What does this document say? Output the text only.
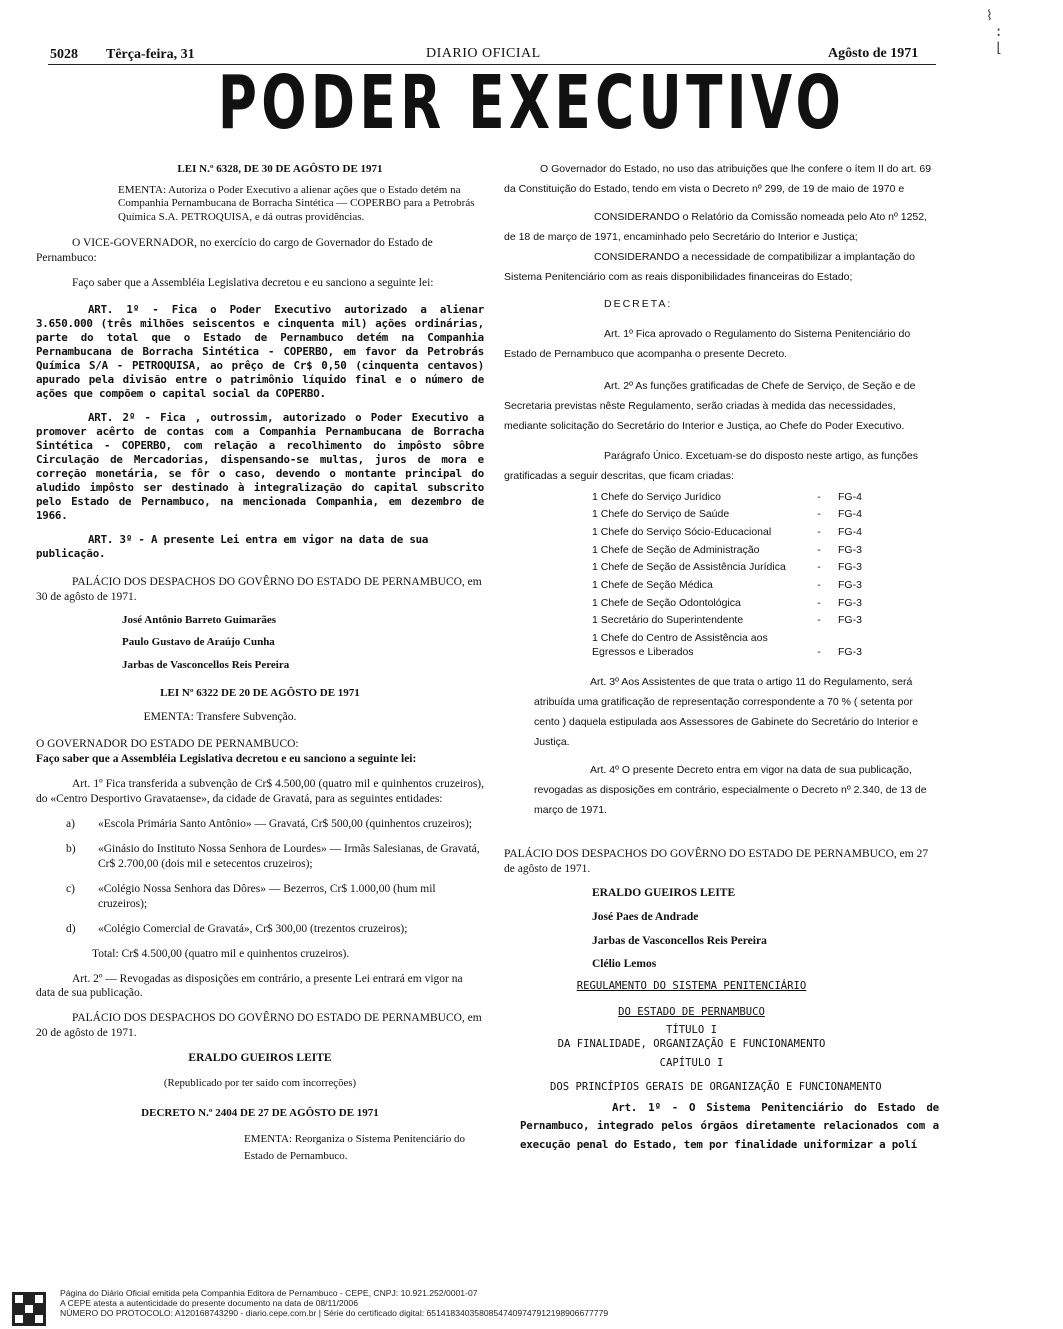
5028 Têrça-feira, 31	DIARIO OFICIAL	Agôsto de 1971
⌇
:
⌊
PODER EXECUTIVO

LEI N.º 6328, DE 30 DE AGÔSTO DE 1971

EMENTA: Autoriza o Poder Executivo a alienar ações que o Estado detém na Companhia Pernambucana de Borracha Sintética — COPERBO para a Petrobrás Química S.A. PETROQUISA, e dá outras providências.

O VICE-GOVERNADOR, no exercício do cargo de Governador do Estado de Pernambuco:

Faço saber que a Assembléia Legislativa decretou e eu sanciono a seguinte lei:

ART. 1º - Fica o Poder Executivo autorizado a alienar 3.650.000 (três milhões seiscentos e cinquenta mil) ações ordinárias, parte do total que o Estado de Pernambuco detém na Companhia Pernambucana de Borracha Sintética - COPERBO, em favor da Petrobrás Química S/A - PETROQUISA, ao prêço de Cr$ 0,50 (cinquenta centavos) apurado pela divisão entre o patrimônio líquido final e o número de ações que compõem o capital social da COPERBO.

ART. 2º - Fica , outrossim, autorizado o Poder Executivo a promover acêrto de contas com a Companhia Pernambucana de Borracha Sintética - COPERBO, com relação a recolhimento do impôsto sôbre Circulação de Mercadorias, dispensando-se multas, juros de mora e correção monetária, se fôr o caso, devendo o montante principal do aludido impôsto ser destinado à integralização do capital subscrito pelo Estado de Pernambuco, na mencionada Companhia, em dezembro de 1966.

ART. 3º - A presente Lei entra em vigor na data de sua publicação.

PALÁCIO DOS DESPACHOS DO GOVÊRNO DO ESTADO DE PERNAMBUCO, em 30 de agôsto de 1971.

José Antônio Barreto Guimarães

Paulo Gustavo de Araújo Cunha

Jarbas de Vasconcellos Reis Pereira

LEI Nº 6322 DE 20 DE AGÔSTO DE 1971

EMENTA: Transfere Subvenção.

O GOVERNADOR DO ESTADO DE PERNAMBUCO:

Faço saber que a Assembléia Legislativa decretou e eu sanciono a seguinte lei:

Art. 1º Fica transferida a subvenção de Cr$ 4.500,00 (quatro mil e quinhentos cruzeiros), do «Centro Desportivo Gravataense», da cidade de Gravatá, para as seguintes entidades:

a)	«Escola Primária Santo Antônio» — Gravatá, Cr$ 500,00 (quinhentos cruzeiros);
b)	«Ginásio do Instituto Nossa Senhora de Lourdes» — Irmãs Salesianas, de Gravatá, Cr$ 2.700,00 (dois mil e setecentos cruzeiros);
c)	«Colégio Nossa Senhora das Dôres» — Bezerros, Cr$ 1.000,00 (hum mil cruzeiros);
d)	«Colégio Comercial de Gravatá», Cr$ 300,00 (trezentos cruzeiros);

Total: Cr$ 4.500,00 (quatro mil e quinhentos cruzeiros).

Art. 2º — Revogadas as disposições em contrário, a presente Lei entrará em vigor na data de sua publicação.

PALÁCIO DOS DESPACHOS DO GOVÊRNO DO ESTADO DE PERNAMBUCO, em 20 de agôsto de 1971.

ERALDO GUEIROS LEITE

(Republicado por ter saído com incorreções)

DECRETO N.º 2404 DE 27 DE AGÔSTO DE 1971

EMENTA: Reorganiza o Sistema Penitenciário do Estado de Pernambuco.

O Governador do Estado, no uso das atribuições que lhe confere o ítem II do art. 69 da Constituição do Estado, tendo em vista o Decreto nº 299, de 19 de maio de 1970 e

CONSIDERANDO o Relatório da Comissão nomeada pelo Ato nº 1252, de 18 de março de 1971, encaminhado pelo Secretário do Interior e Justiça;

CONSIDERANDO a necessidade de compatibilizar a implantação do Sistema Penitenciário com as reais disponibilidades financeiras do Estado;

DECRETA:

Art. 1º Fica aprovado o Regulamento do Sistema Penitenciário do Estado de Pernambuco que acompanha o presente Decreto.

Art. 2º As funções gratificadas de Chefe de Serviço, de Seção e de Secretaria previstas nêste Regulamento, serão criadas à medida das necessidades, mediante solicitação do Secretário do Interior e Justiça, ao Chefe do Poder Executivo.

Parágrafo Único. Excetuam-se do disposto neste artigo, as funções gratificadas a seguir descritas, que ficam criadas:

1 Chefe do Serviço Jurídico	-	FG-4
1 Chefe do Serviço de Saúde	-	FG-4
1 Chefe do Serviço Sócio-Educacional	-	FG-4
1 Chefe de Seção de Administração	-	FG-3
1 Chefe de Seção de Assistência Jurídica	-	FG-3
1 Chefe de Seção Médica	-	FG-3
1 Chefe de Seção Odontológica	-	FG-3
1 Secretário do Superintendente	-	FG-3
1 Chefe do Centro de Assistência aos Egressos e Liberados	-	FG-3

Art. 3º Aos Assistentes de que trata o artigo 11 do Regulamento, será atribuída uma gratificação de representação correspondente a 70 % ( setenta por cento ) daquela estipulada aos Assessores de Gabinete do Secretário do Interior e Justiça.

Art. 4º O presente Decreto entra em vigor na data de sua publicação, revogadas as disposições em contrário, especialmente o Decreto nº 2.340, de 13 de março de 1971.

PALÁCIO DOS DESPACHOS DO GOVÊRNO DO ESTADO DE PERNAMBUCO, em 27 de agôsto de 1971.

ERALDO GUEIROS LEITE

José Paes de Andrade

Jarbas de Vasconcellos Reis Pereira

Clélio Lemos

REGULAMENTO DO SISTEMA PENITENCIÁRIO

DO ESTADO DE PERNAMBUCO

TÍTULO I

DA FINALIDADE, ORGANIZAÇÃO E FUNCIONAMENTO

CAPÍTULO I

DOS PRINCÍPIOS GERAIS DE ORGANIZAÇÃO E FUNCIONAMENTO

Art. 1º - O Sistema Penitenciário do Estado de Pernambuco, integrado pelos órgãos diretamente relacionados com a execução penal do Estado, tem por finalidade uniformizar a polí

Página do Diário Oficial emitida pela Companhia Editora de Pernambuco - CEPE, CNPJ: 10.921.252/0001-07
A CEPE atesta a autenticidade do presente documento na data de 08/11/2006
NÚMERO DO PROTOCOLO: A120168743290 - diario.cepe.com.br | Série do certificado digital: 65141834035808547409747912198906677779
